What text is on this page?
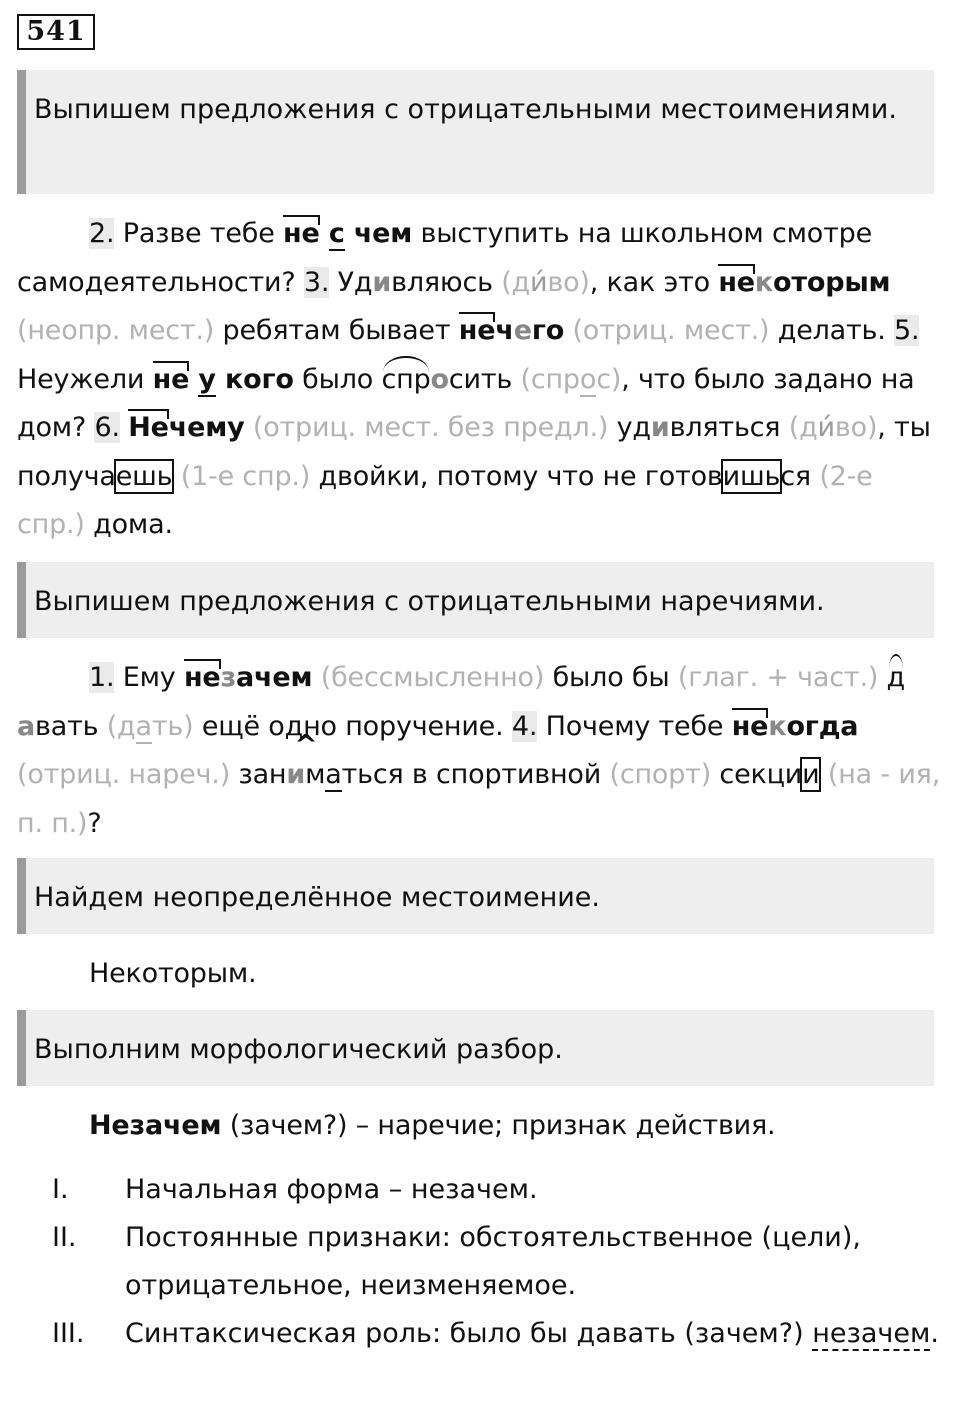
541
Выпишем предложения с отрицательными местоимениями.
2. Разве тебе не с чем выступить на школьном смотре самодеятельности? 3. Удивляюсь (ди́во), как это некоторым (неопр. мест.) ребятам бывает нечего (отриц. мест.) делать. 5. Неужели не у кого было спросить (спрос), что было задано на дом? 6. Нечему (отриц. мест. без предл.) удивляться (ди́во), ты получаешь (1-е спр.) двойки, потому что не готовишься (2-е спр.) дома.
Выпишем предложения с отрицательными наречиями.
1. Ему незачем (бессмысленно) было бы (глаг. + част.) давать (дать) ещё одно поручение. 4. Почему тебе некогда (отриц. нареч.) зан^ иматься в спортивной (спорт) секции (на - ия, п. п.)?
Найдем неопределённое местоимение.
Некоторым.
Выполним морфологический разбор.
Незачем (зачем?) – наречие; признак действия.
I.	Начальная форма – незачем.
II.	Постоянные признаки: обстоятельственное (цели), отрицательное, неизменяемое.
III.	Синтаксическая роль: было бы давать (зачем?) незачем.
